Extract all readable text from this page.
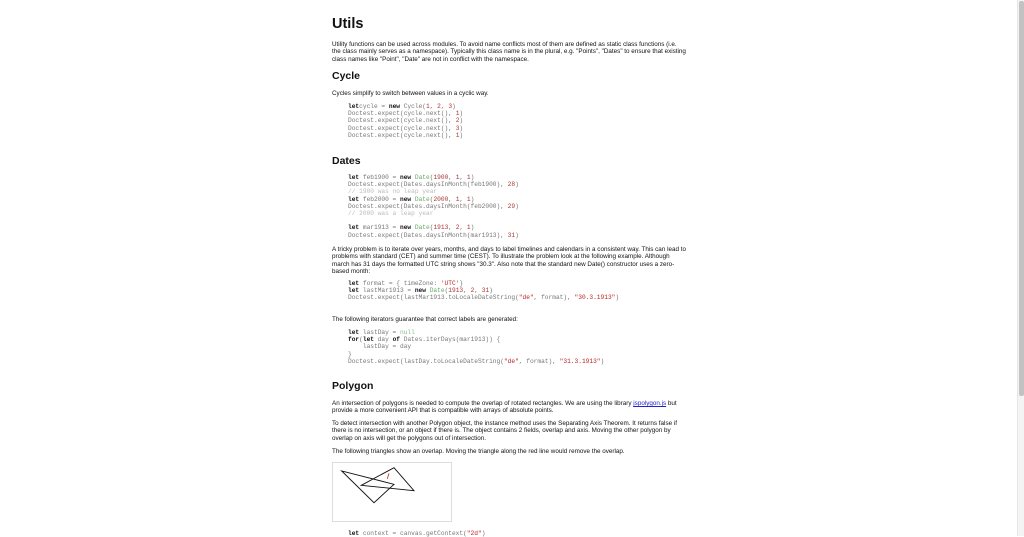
Utils

Utility functions can be used across modules. To avoid name conflicts most of them are defined as static class functions (i.e. the class mainly serves as a namespace). Typically this class name is in the plural, e.g. "Points", "Dates" to ensure that existing class names like "Point", "Date" are not in conflict with the namespace.

Cycle

Cycles simplify to switch between values in a cyclic way.

letcycle = new Cycle(1, 2, 3)
Doctest.expect(cycle.next(), 1)
Doctest.expect(cycle.next(), 2)
Doctest.expect(cycle.next(), 3)
Doctest.expect(cycle.next(), 1)
Dates
let feb1900 = new Date(1900, 1, 1)
Doctest.expect(Dates.daysInMonth(feb1900), 28)
// 1900 was no leap year
let feb2000 = new Date(2000, 1, 1)
Doctest.expect(Dates.daysInMonth(feb2000), 29)
// 2000 was a leap year
let mar1913 = new Date(1913, 2, 1)
Doctest.expect(Dates.daysInMonth(mar1913), 31)

A tricky problem is to iterate over years, months, and days to label timelines and calendars in a consistent way. This can lead to problems with standard (CET) and summer time (CEST). To illustrate the problem look at the following example. Although march has 31 days the formatted UTC string shows "30.3". Also note that the standard new Date() constructor uses a zero-based month:

let format = { timeZone: 'UTC'}
let lastMar1913 = new Date(1913, 2, 31)
Doctest.expect(lastMar1913.toLocaleDateString("de", format), "30.3.1913")

The following iterators guarantee that correct labels are generated:

let lastDay = null
for(let day of Dates.iterDays(mar1913)) {
lastDay = day
}
Doctest.expect(lastDay.toLocaleDateString("de", format), "31.3.1913")
Polygon

An intersection of polygons is needed to compute the overlap of rotated rectangles. We are using the library jspolygon.js but provide a more convenient API that is compatible with arrays of absolute points.

To detect intersection with another Polygon object, the instance method uses the Separating Axis Theorem. It returns false if there is no intersection, or an object if there is. The object contains 2 fields, overlap and axis. Moving the other polygon by overlap on axis will get the polygons out of intersection.

The following triangles show an overlap. Moving the triangle along the red line would remove the overlap.

let context = canvas.getContext("2d")
